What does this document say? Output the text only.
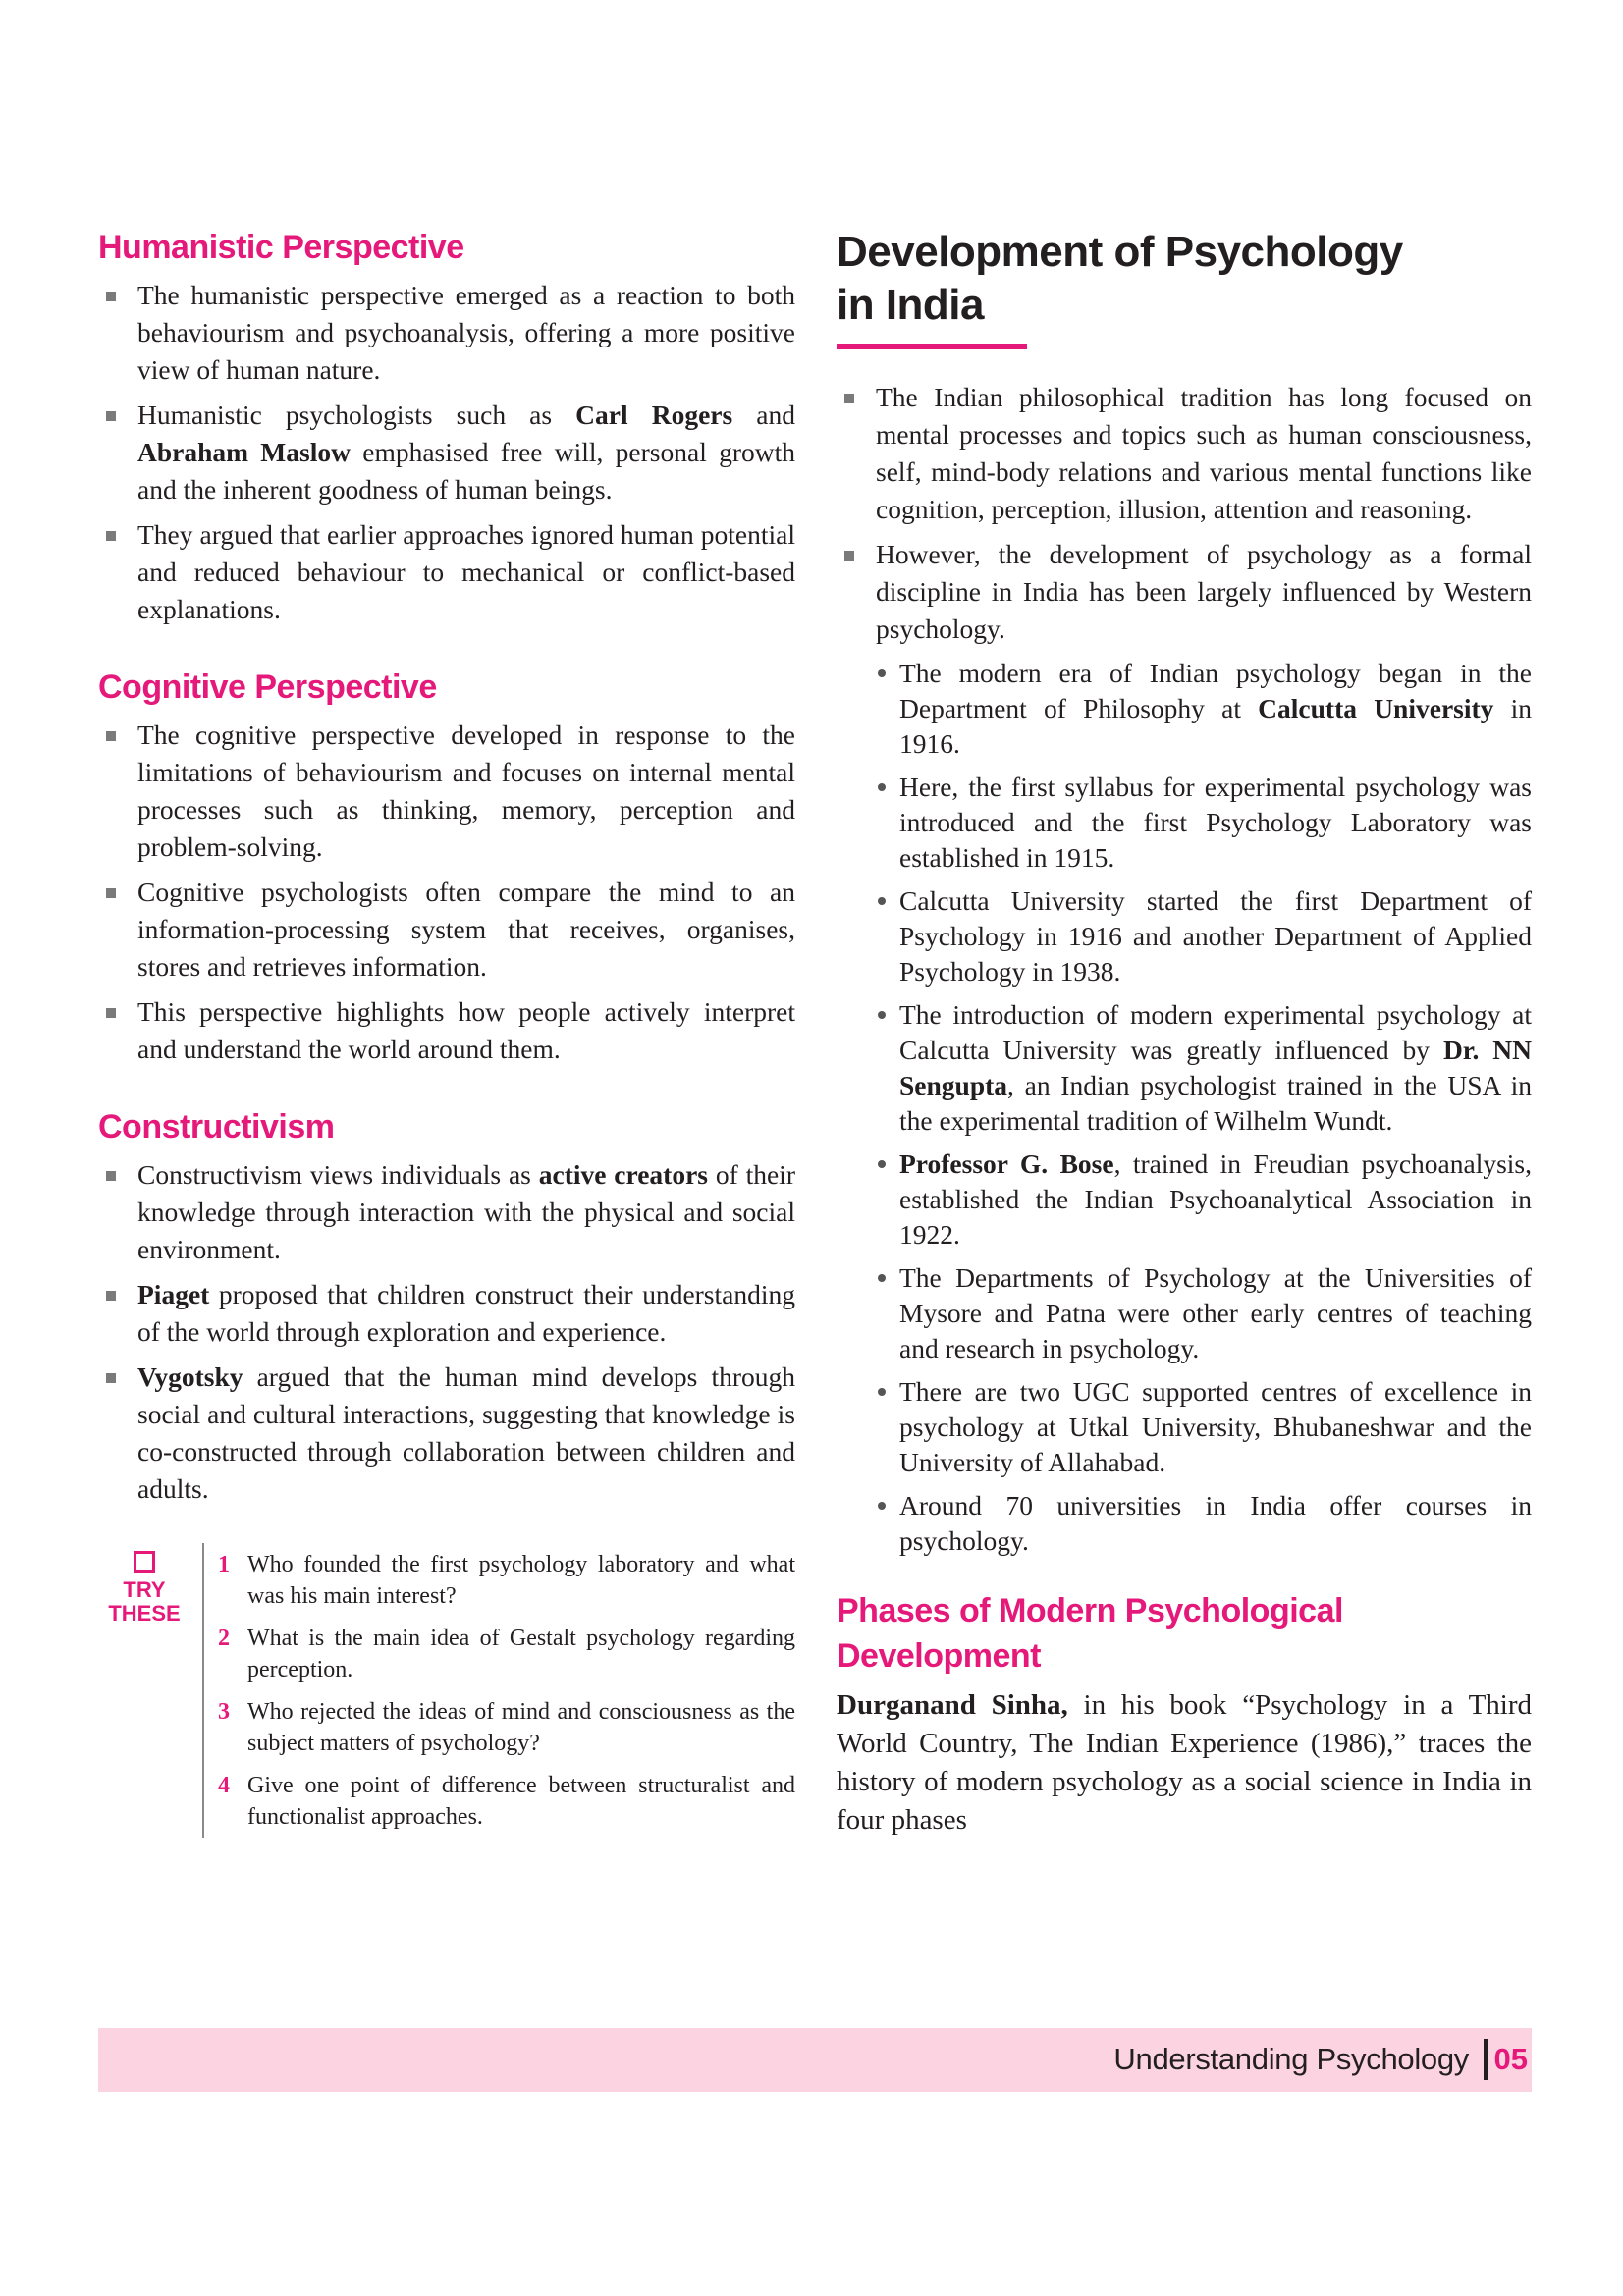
Humanistic Perspective
The humanistic perspective emerged as a reaction to both behaviourism and psychoanalysis, offering a more positive view of human nature.
Humanistic psychologists such as Carl Rogers and Abraham Maslow emphasised free will, personal growth and the inherent goodness of human beings.
They argued that earlier approaches ignored human potential and reduced behaviour to mechanical or conflict-based explanations.
Cognitive Perspective
The cognitive perspective developed in response to the limitations of behaviourism and focuses on internal mental processes such as thinking, memory, perception and problem-solving.
Cognitive psychologists often compare the mind to an information-processing system that receives, organises, stores and retrieves information.
This perspective highlights how people actively interpret and understand the world around them.
Constructivism
Constructivism views individuals as active creators of their knowledge through interaction with the physical and social environment.
Piaget proposed that children construct their understanding of the world through exploration and experience.
Vygotsky argued that the human mind develops through social and cultural interactions, suggesting that knowledge is co-constructed through collaboration between children and adults.
TRY
THESE
1 Who founded the first psychology laboratory and what was his main interest?
2 What is the main idea of Gestalt psychology regarding perception.
3 Who rejected the ideas of mind and consciousness as the subject matters of psychology?
4 Give one point of difference between structuralist and functionalist approaches.
Development of Psychology
in India
The Indian philosophical tradition has long focused on mental processes and topics such as human consciousness, self, mind-body relations and various mental functions like cognition, perception, illusion, attention and reasoning.
However, the development of psychology as a formal discipline in India has been largely influenced by Western psychology.
The modern era of Indian psychology began in the Department of Philosophy at Calcutta University in 1916.
Here, the first syllabus for experimental psychology was introduced and the first Psychology Laboratory was established in 1915.
Calcutta University started the first Department of Psychology in 1916 and another Department of Applied Psychology in 1938.
The introduction of modern experimental psychology at Calcutta University was greatly influenced by Dr. NN Sengupta, an Indian psychologist trained in the USA in the experimental tradition of Wilhelm Wundt.
Professor G. Bose, trained in Freudian psychoanalysis, established the Indian Psychoanalytical Association in 1922.
The Departments of Psychology at the Universities of Mysore and Patna were other early centres of teaching and research in psychology.
There are two UGC supported centres of excellence in psychology at Utkal University, Bhubaneshwar and the University of Allahabad.
Around 70 universities in India offer courses in psychology.
Phases of Modern Psychological
Development

Durganand Sinha, in his book “Psychology in a Third World Country, The Indian Experience (1986),” traces the history of modern psychology as a social science in India in four phases

Understanding Psychology 05
